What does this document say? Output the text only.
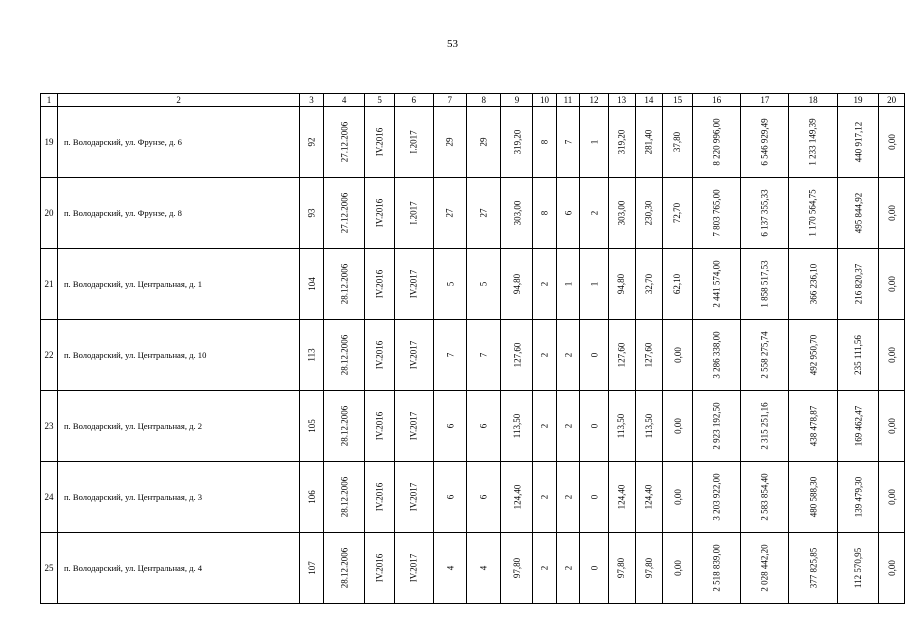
53
1	2	3	4	5	6	7	8	9	10	11	12	13	14	15	16	17	18	19	20
19	п. Володарский, ул. Фрунзе, д. 6	92	27.12.2006	IV.2016	I.2017	29	29	319,20	8	7	1	319,20	281,40	37,80	8 220 996,00	6 546 929,49	1 233 149,39	440 917,12	0,00
20	п. Володарский, ул. Фрунзе, д. 8	93	27.12.2006	IV.2016	I.2017	27	27	303,00	8	6	2	303,00	230,30	72,70	7 803 765,00	6 137 355,33	1 170 564,75	495 844,92	0,00
21	п. Володарский, ул. Центральная, д. 1	104	28.12.2006	IV.2016	IV.2017	5	5	94,80	2	1	1	94,80	32,70	62,10	2 441 574,00	1 858 517,53	366 236,10	216 820,37	0,00
22	п. Володарский, ул. Центральная, д. 10	113	28.12.2006	IV.2016	IV.2017	7	7	127,60	2	2	0	127,60	127,60	0,00	3 286 338,00	2 558 275,74	492 950,70	235 111,56	0,00
23	п. Володарский, ул. Центральная, д. 2	105	28.12.2006	IV.2016	IV.2017	6	6	113,50	2	2	0	113,50	113,50	0,00	2 923 192,50	2 315 251,16	438 478,87	169 462,47	0,00
24	п. Володарский, ул. Центральная, д. 3	106	28.12.2006	IV.2016	IV.2017	6	6	124,40	2	2	0	124,40	124,40	0,00	3 203 922,00	2 583 854,40	480 588,30	139 479,30	0,00
25	п. Володарский, ул. Центральная, д. 4	107	28.12.2006	IV.2016	IV.2017	4	4	97,80	2	2	0	97,80	97,80	0,00	2 518 839,00	2 028 442,20	377 825,85	112 570,95	0,00
